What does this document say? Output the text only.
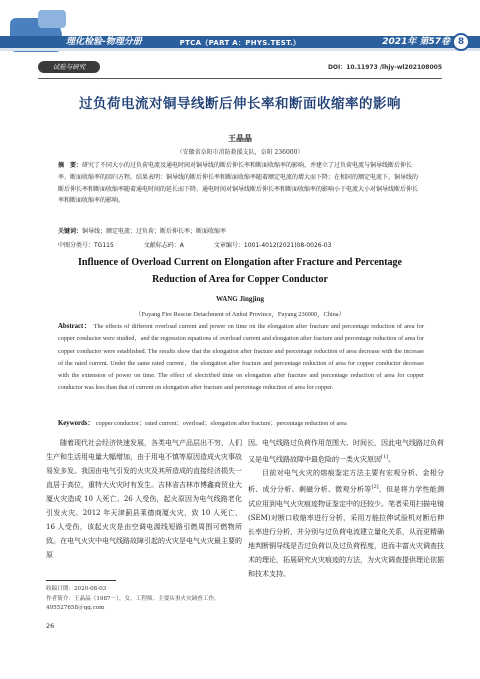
理化检验-物理分册	PTCA（PART A：PHYS.TEST.）	2021年 第57卷 8
试验与研究	DOI：10.11973 /lhjy-wl202108005
过负荷电流对铜导线断后伸长率和断面收缩率的影响
王晶晶
（安徽省阜阳市消防救援支队，阜阳 236000）
摘　要：研究了不同大小的过负荷电流及通电时间对铜导线的断后伸长率和断面收缩率的影响，并建立了过负荷电流与铜导线断后伸长率、断面收缩率的回归方程。结果表明：铜导线的断后伸长率和断面收缩率随着额定电流的增大而下降；在相同的额定电流下，铜导线的断后伸长率和断面收缩率随着通电时间的延长而下降。通电时间对铜导线断后伸长率和断面收缩率的影响小于电流大小对铜导线断后伸长率和断面收缩率的影响。
关键词：铜导线；额定电流；过负荷；断后伸长率；断面收缩率
中图分类号：TG115	文献标志码：A	文章编号：1001-4012(2021)08-0026-03
Influence of Overload Current on Elongation after Fracture and Percentage
Reduction of Area for Copper Conductor
WANG Jingjing
（Fuyang Fire Rescue Detachment of Anhui Province，Fuyang 236000，China）
Abstract： The effects of different overload current and power on time on the elongation after fracture and percentage reduction of area for copper conductor were studied，and the regression equations of overload current and elongation after fracture and percentage reduction of area for copper conductor were established. The results show that the elongation after fracture and percentage reduction of area decrease with the increase of the rated current. Under the same rated current，the elongation after fracture and percentage reduction of area for copper conductor decrease with the extension of power on time. The effect of electrified time on elongation after fracture and percentage reduction of area for copper conductor was less than that of current on elongation after fracture and percentage reduction of area for copper.
Keywords： copper conductor；rated current；overload；elongation after fracture；percentage reduction of area

随着现代社会经济快速发展，各类电气产品层出不穷，人们生产和生活用电量大幅增加，由于用电不慎等原因造成火灾事故易发多发。我国由电气引发的火灾及其所造成的直接经济损失一直居于高位，重特大火灾时有发生。吉林省吉林市博鑫商贸业大厦火灾造成 10 人死亡、26 人受伤，起火原因为电气线路老化引发火灾。2012 年天津蓟县莱德商厦火灾，致 10 人死亡、16 人受伤，该起火灾是由空调电源线短路引燃周围可燃物所致。在电气火灾中电气线路故障引起的火灾是电气火灾最主要的原

因。电气线路过负荷作用范围大、时间长，因此电气线路过负荷又是电气线路故障中最危险的一类火灾原因[1]。

目前对电气火灾的熔痕鉴定方法主要有宏观分析、金相分析、成分分析、剩磁分析、微观分析等[2]，但是将力学性能测试应用到电气火灾痕迹物证鉴定中的还较少。笔者采用扫描电镜(SEM)对断口收缩率进行分析，采用万能拉伸试验机对断后伸长率进行分析，并分别与过负荷电流建立量化关系，从而更精确地判断铜导线是否过负荷以及过负荷程度，进而丰富火灾调查技术的理论，拓展研究火灾痕迹的方法，为火灾调查提供理论依据和技术支持。

收稿日期：2020-08-03
作者简介：王晶晶（1987－），女，工程师，主要从事火灾调查工作，495527658＠qq.com
26
